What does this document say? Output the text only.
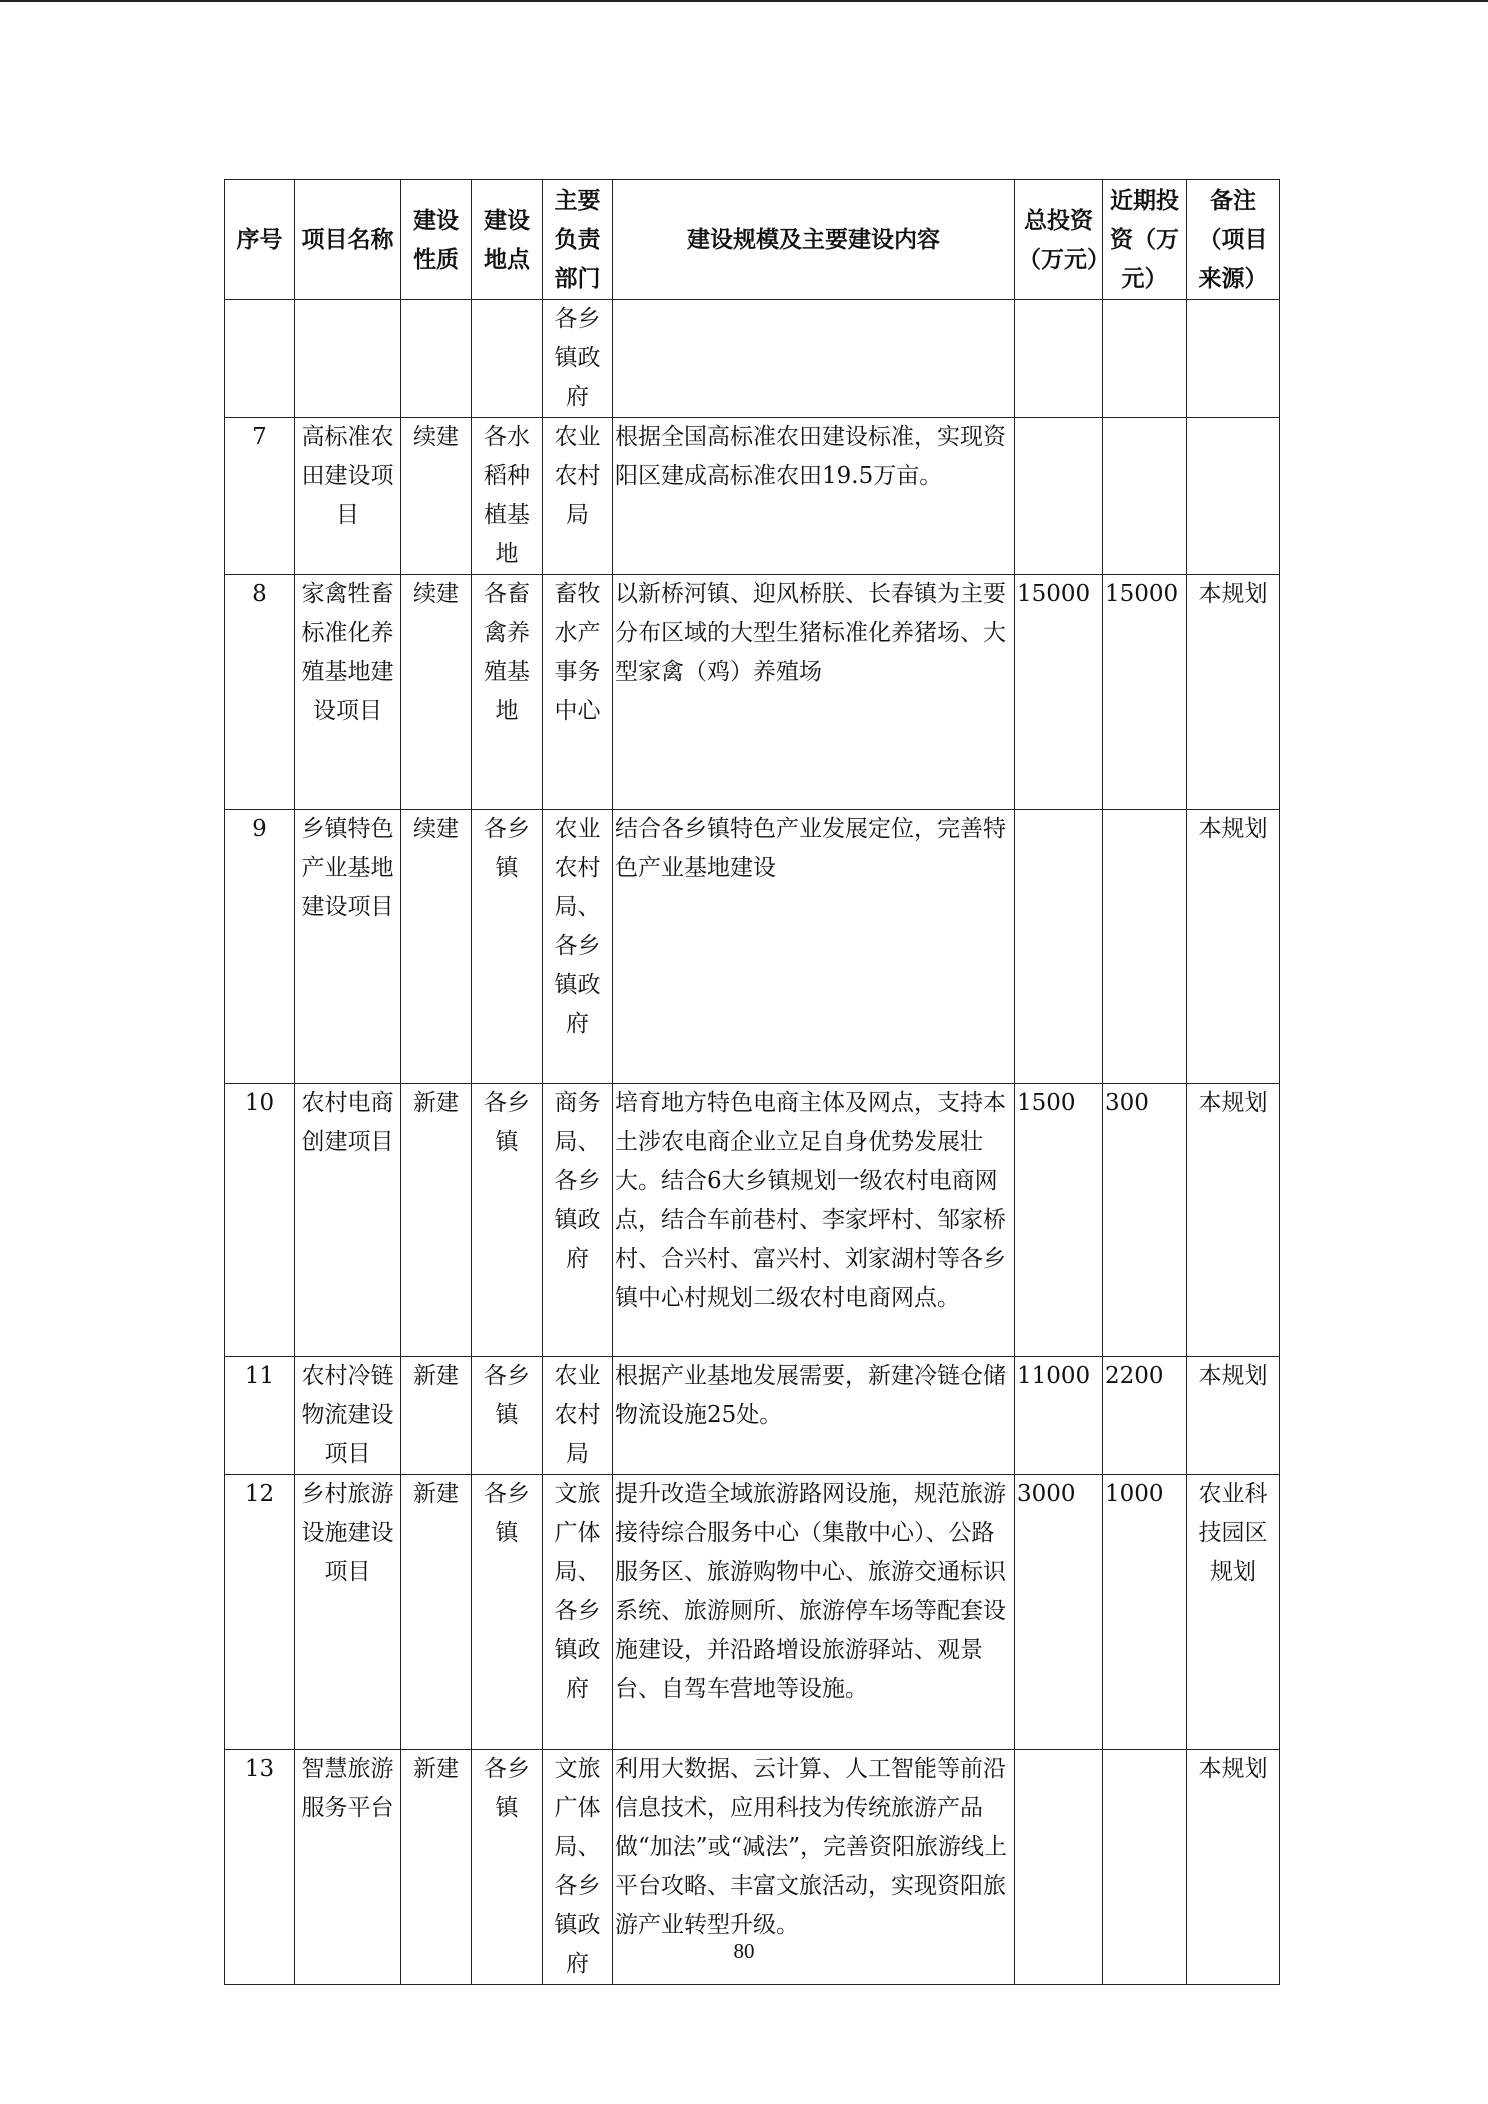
序号	项目名称	建设性质	建设地点	主要负责部门	建设规模及主要建设内容	总投资（万元）	近期投资（万元）	备注（项目来源）
				各乡镇政府				
7	高标准农田建设项目	续建	各水稻种植基地	农业农村局	根据全国高标准农田建设标准，实现资阳区建成高标准农田19.5万亩。			
8	家禽牲畜标准化养殖基地建设项目	续建	各畜禽养殖基地	畜牧水产事务中心	以新桥河镇、迎风桥朕、长春镇为主要分布区域的大型生猪标准化养猪场、大型家禽（鸡）养殖场	15000	15000	本规划
9	乡镇特色产业基地建设项目	续建	各乡镇	农业农村局、各乡镇政府	结合各乡镇特色产业发展定位，完善特色产业基地建设			本规划
10	农村电商创建项目	新建	各乡镇	商务局、各乡镇政府	培育地方特色电商主体及网点，支持本土涉农电商企业立足自身优势发展壮大。结合6大乡镇规划一级农村电商网点，结合车前巷村、李家坪村、邹家桥村、合兴村、富兴村、刘家湖村等各乡镇中心村规划二级农村电商网点。	1500	300	本规划
11	农村冷链物流建设项目	新建	各乡镇	农业农村局	根据产业基地发展需要，新建冷链仓储物流设施25处。	11000	2200	本规划
12	乡村旅游设施建设项目	新建	各乡镇	文旅广体局、各乡镇政府	提升改造全域旅游路网设施，规范旅游接待综合服务中心（集散中心）、公路服务区、旅游购物中心、旅游交通标识系统、旅游厕所、旅游停车场等配套设施建设，并沿路增设旅游驿站、观景台、自驾车营地等设施。	3000	1000	农业科技园区规划
13	智慧旅游服务平台	新建	各乡镇	文旅广体局、各乡镇政府	利用大数据、云计算、人工智能等前沿信息技术，应用科技为传统旅游产品做“加法”或“减法”，完善资阳旅游线上平台攻略、丰富文旅活动，实现资阳旅游产业转型升级。			本规划
80
